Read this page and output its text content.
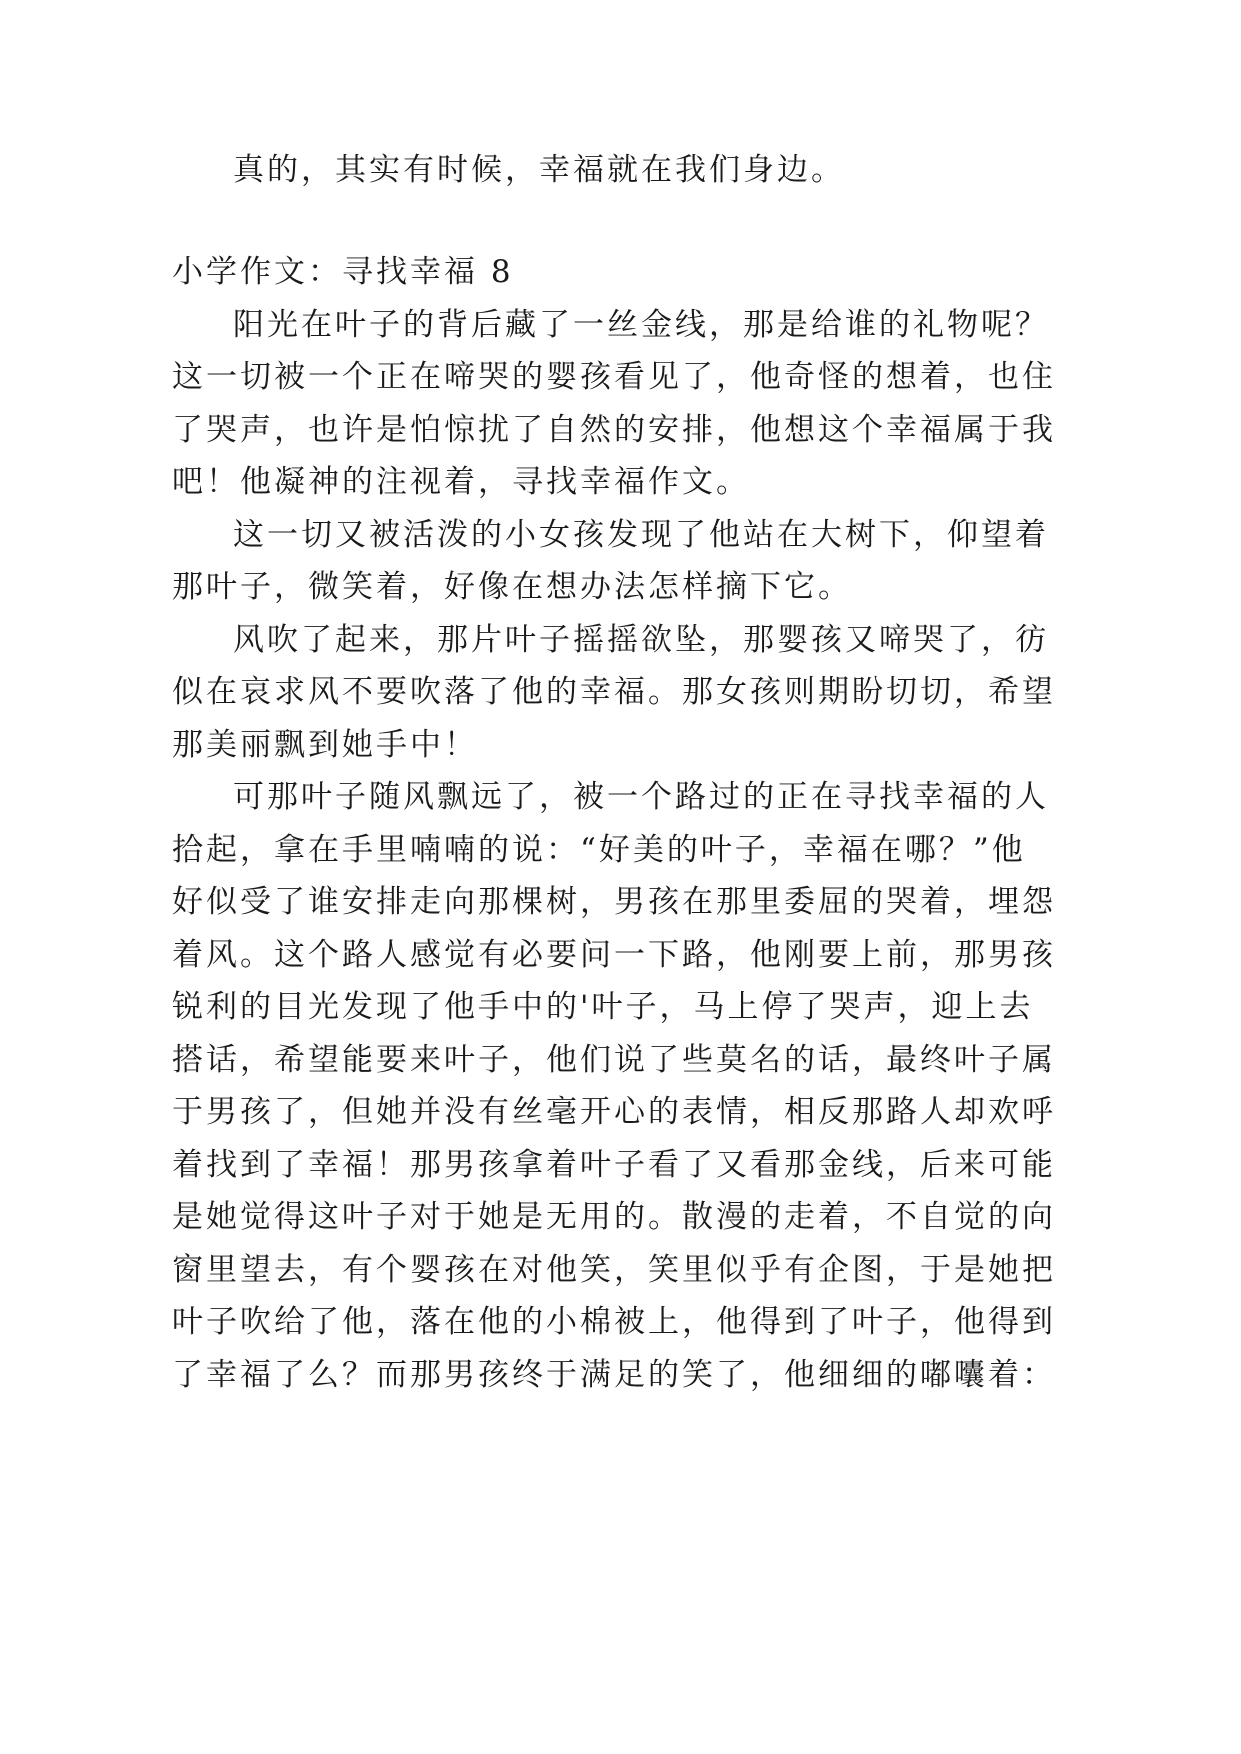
真的，其实有时候，幸福就在我们身边。
小学作文：寻找幸福 8
阳光在叶子的背后藏了一丝金线，那是给谁的礼物呢？
这一切被一个正在啼哭的婴孩看见了，他奇怪的想着，也住
了哭声，也许是怕惊扰了自然的安排，他想这个幸福属于我
吧！他凝神的注视着，寻找幸福作文。
这一切又被活泼的小女孩发现了他站在大树下，仰望着
那叶子，微笑着，好像在想办法怎样摘下它。
风吹了起来，那片叶子摇摇欲坠，那婴孩又啼哭了，彷
似在哀求风不要吹落了他的幸福。那女孩则期盼切切，希望
那美丽飘到她手中！
可那叶子随风飘远了，被一个路过的正在寻找幸福的人
拾起，拿在手里喃喃的说：“好美的叶子，幸福在哪？”他
好似受了谁安排走向那棵树，男孩在那里委屈的哭着，埋怨
着风。这个路人感觉有必要问一下路，他刚要上前，那男孩
锐利的目光发现了他手中的'叶子，马上停了哭声，迎上去
搭话，希望能要来叶子，他们说了些莫名的话，最终叶子属
于男孩了，但她并没有丝毫开心的表情，相反那路人却欢呼
着找到了幸福！那男孩拿着叶子看了又看那金线，后来可能
是她觉得这叶子对于她是无用的。散漫的走着，不自觉的向
窗里望去，有个婴孩在对他笑，笑里似乎有企图，于是她把
叶子吹给了他，落在他的小棉被上，他得到了叶子，他得到
了幸福了么？而那男孩终于满足的笑了，他细细的嘟囔着：
